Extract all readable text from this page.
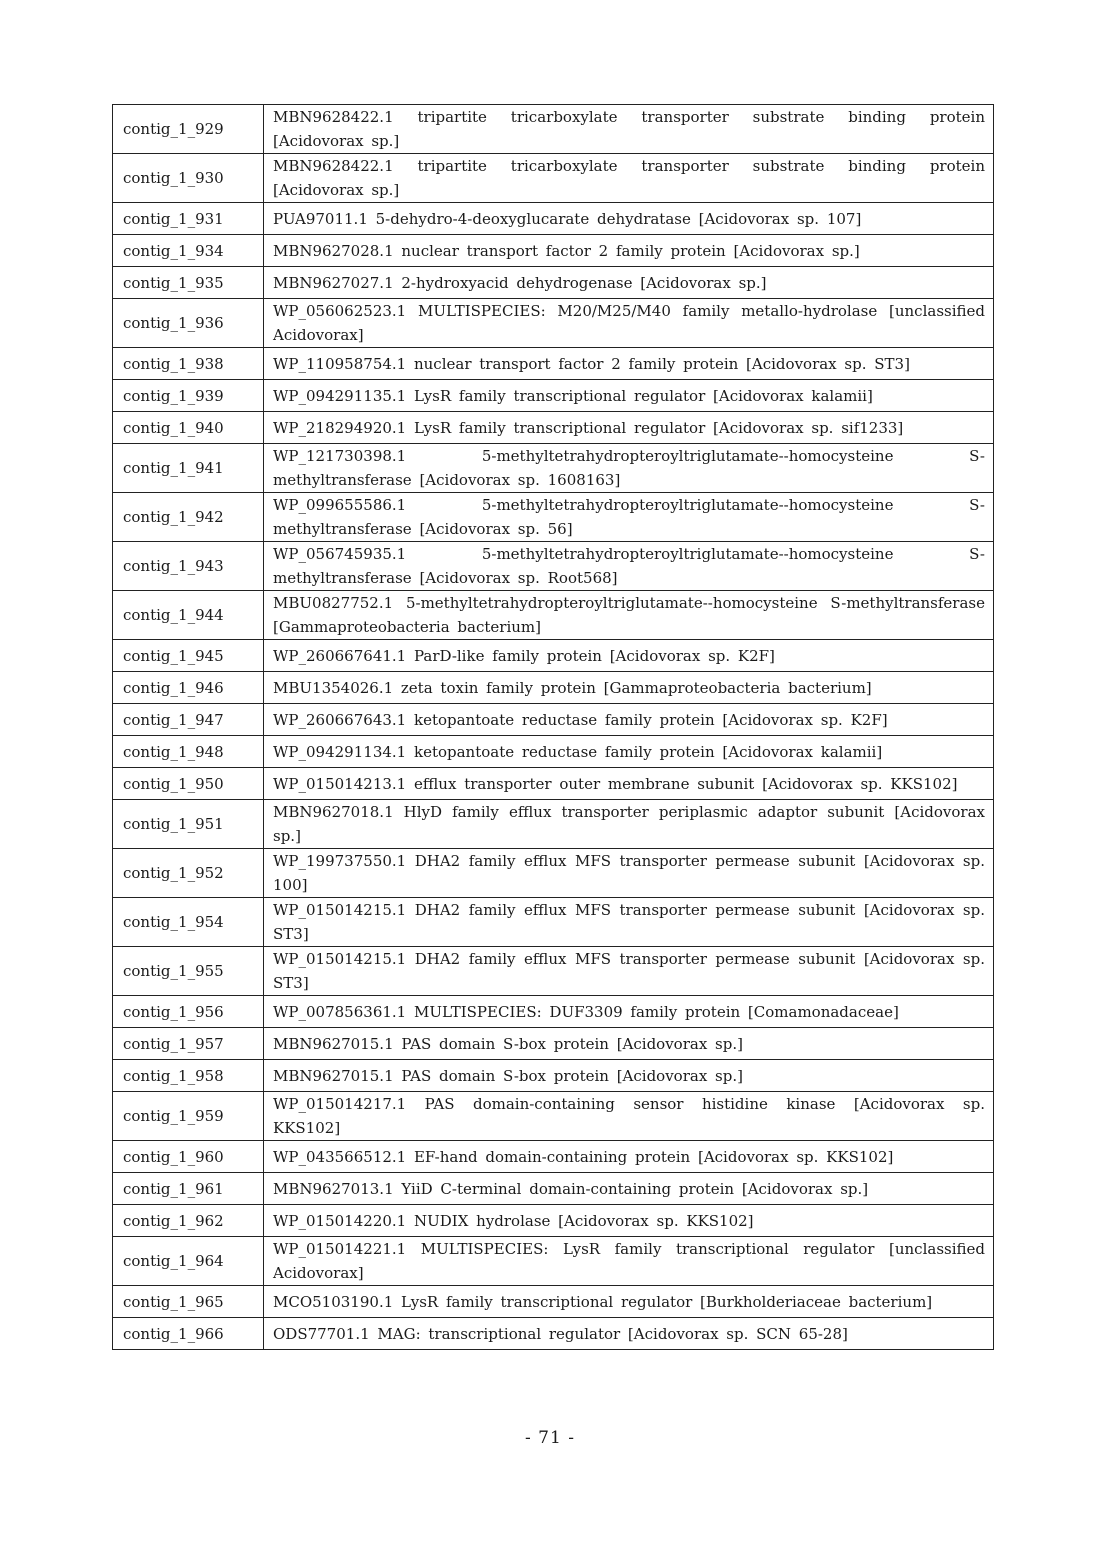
contig_1_929	MBN9628422.1 tripartite tricarboxylate transporter substrate binding protein [Acidovorax sp.]
contig_1_930	MBN9628422.1 tripartite tricarboxylate transporter substrate binding protein [Acidovorax sp.]
contig_1_931	PUA97011.1 5-dehydro-4-deoxyglucarate dehydratase [Acidovorax sp. 107]
contig_1_934	MBN9627028.1 nuclear transport factor 2 family protein [Acidovorax sp.]
contig_1_935	MBN9627027.1 2-hydroxyacid dehydrogenase [Acidovorax sp.]
contig_1_936	WP_056062523.1 MULTISPECIES: M20/M25/M40 family metallo-hydrolase [unclassified Acidovorax]
contig_1_938	WP_110958754.1 nuclear transport factor 2 family protein [Acidovorax sp. ST3]
contig_1_939	WP_094291135.1 LysR family transcriptional regulator [Acidovorax kalamii]
contig_1_940	WP_218294920.1 LysR family transcriptional regulator [Acidovorax sp. sif1233]
contig_1_941	WP_121730398.1 5-methyltetrahydropteroyltriglutamate--homocysteine S-methyltransferase [Acidovorax sp. 1608163]
contig_1_942	WP_099655586.1 5-methyltetrahydropteroyltriglutamate--homocysteine S-methyltransferase [Acidovorax sp. 56]
contig_1_943	WP_056745935.1 5-methyltetrahydropteroyltriglutamate--homocysteine S-methyltransferase [Acidovorax sp. Root568]
contig_1_944	MBU0827752.1 5-methyltetrahydropteroyltriglutamate--homocysteine S-methyltransferase [Gammaproteobacteria bacterium]
contig_1_945	WP_260667641.1 ParD-like family protein [Acidovorax sp. K2F]
contig_1_946	MBU1354026.1 zeta toxin family protein [Gammaproteobacteria bacterium]
contig_1_947	WP_260667643.1 ketopantoate reductase family protein [Acidovorax sp. K2F]
contig_1_948	WP_094291134.1 ketopantoate reductase family protein [Acidovorax kalamii]
contig_1_950	WP_015014213.1 efflux transporter outer membrane subunit [Acidovorax sp. KKS102]
contig_1_951	MBN9627018.1 HlyD family efflux transporter periplasmic adaptor subunit [Acidovorax sp.]
contig_1_952	WP_199737550.1 DHA2 family efflux MFS transporter permease subunit [Acidovorax sp. 100]
contig_1_954	WP_015014215.1 DHA2 family efflux MFS transporter permease subunit [Acidovorax sp. ST3]
contig_1_955	WP_015014215.1 DHA2 family efflux MFS transporter permease subunit [Acidovorax sp. ST3]
contig_1_956	WP_007856361.1 MULTISPECIES: DUF3309 family protein [Comamonadaceae]
contig_1_957	MBN9627015.1 PAS domain S-box protein [Acidovorax sp.]
contig_1_958	MBN9627015.1 PAS domain S-box protein [Acidovorax sp.]
contig_1_959	WP_015014217.1 PAS domain-containing sensor histidine kinase [Acidovorax sp. KKS102]
contig_1_960	WP_043566512.1 EF-hand domain-containing protein [Acidovorax sp. KKS102]
contig_1_961	MBN9627013.1 YiiD C-terminal domain-containing protein [Acidovorax sp.]
contig_1_962	WP_015014220.1 NUDIX hydrolase [Acidovorax sp. KKS102]
contig_1_964	WP_015014221.1 MULTISPECIES: LysR family transcriptional regulator [unclassified Acidovorax]
contig_1_965	MCO5103190.1 LysR family transcriptional regulator [Burkholderiaceae bacterium]
contig_1_966	ODS77701.1 MAG: transcriptional regulator [Acidovorax sp. SCN 65-28]
- 71 -
